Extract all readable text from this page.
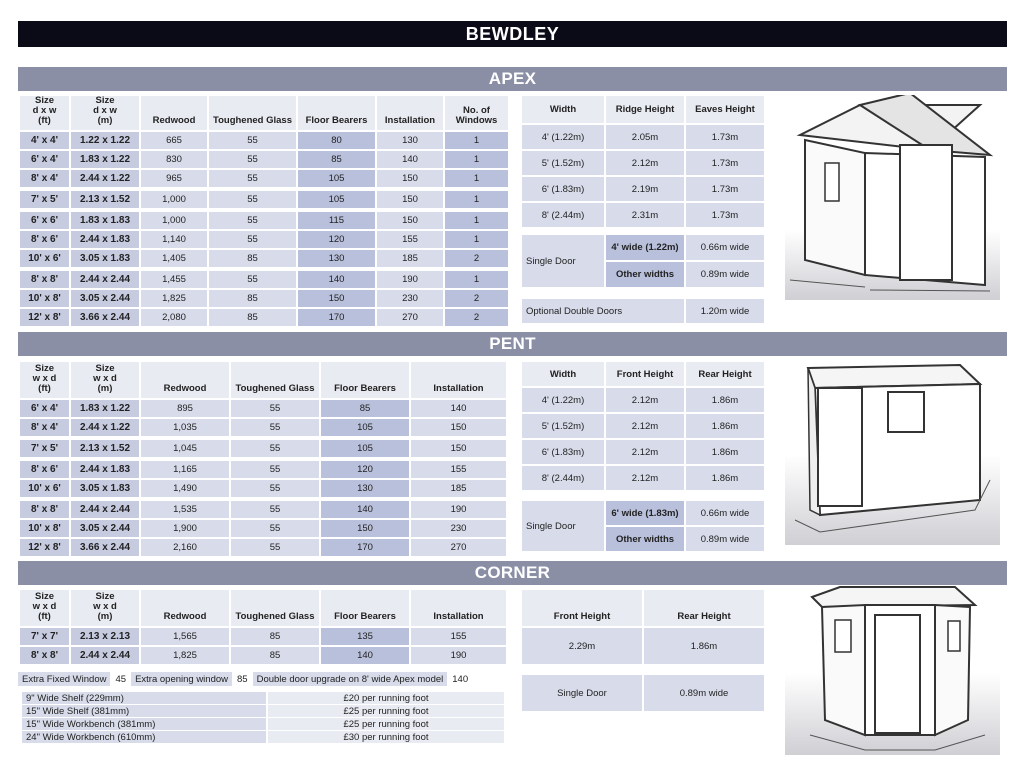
BEWDLEY
APEX
Size
d x w
(ft)	Size
d x w
(m)	Redwood	Toughened Glass	Floor Bearers	Installation	No. of
Windows
4' x 4'	1.22 x 1.22	665	55	80	130	1
6' x 4'	1.83 x 1.22	830	55	85	140	1
8' x 4'	2.44 x 1.22	965	55	105	150	1

7' x 5'	2.13 x 1.52	1,000	55	105	150	1

6' x 6'	1.83 x 1.83	1,000	55	115	150	1
8' x 6'	2.44 x 1.83	1,140	55	120	155	1
10' x 6'	3.05 x 1.83	1,405	85	130	185	2

8' x 8'	2.44 x 2.44	1,455	55	140	190	1
10' x 8'	3.05 x 2.44	1,825	85	150	230	2
12' x 8'	3.66 x 2.44	2,080	85	170	270	2
Width	Ridge Height	Eaves Height
4' (1.22m)	2.05m	1.73m
5' (1.52m)	2.12m	1.73m
6' (1.83m)	2.19m	1.73m
8' (2.44m)	2.31m	1.73m
Single Door	4' wide (1.22m)	0.66m wide
	Other widths	0.89m wide
Optional Double Doors	1.20m wide
PENT
Size
w x d
(ft)	Size
w x d
(m)	Redwood	Toughened Glass	Floor Bearers	Installation
6' x 4'	1.83 x 1.22	895	55	85	140
8' x 4'	2.44 x 1.22	1,035	55	105	150

7' x 5'	2.13 x 1.52	1,045	55	105	150

8' x 6'	2.44 x 1.83	1,165	55	120	155
10' x 6'	3.05 x 1.83	1,490	55	130	185

8' x 8'	2.44 x 2.44	1,535	55	140	190
10' x 8'	3.05 x 2.44	1,900	55	150	230
12' x 8'	3.66 x 2.44	2,160	55	170	270
Width	Front Height	Rear Height
4' (1.22m)	2.12m	1.86m
5' (1.52m)	2.12m	1.86m
6' (1.83m)	2.12m	1.86m
8' (2.44m)	2.12m	1.86m
Single Door	6' wide (1.83m)	0.66m wide
	Other widths	0.89m wide
CORNER
Size
w x d
(ft)	Size
w x d
(m)	Redwood	Toughened Glass	Floor Bearers	Installation
7' x 7'	2.13 x 2.13	1,565	85	135	155
8' x 8'	2.44 x 2.44	1,825	85	140	190
Front Height	Rear Height
2.29m	1.86m
Single Door	0.89m wide
Extra Fixed Window 45 Extra opening window 85 Double door upgrade on 8' wide Apex model 140
9" Wide Shelf (229mm)	£20 per running foot
15" Wide Shelf (381mm)	£25 per running foot
15" Wide Workbench (381mm)	£25 per running foot
24" Wide Workbench (610mm)	£30 per running foot
